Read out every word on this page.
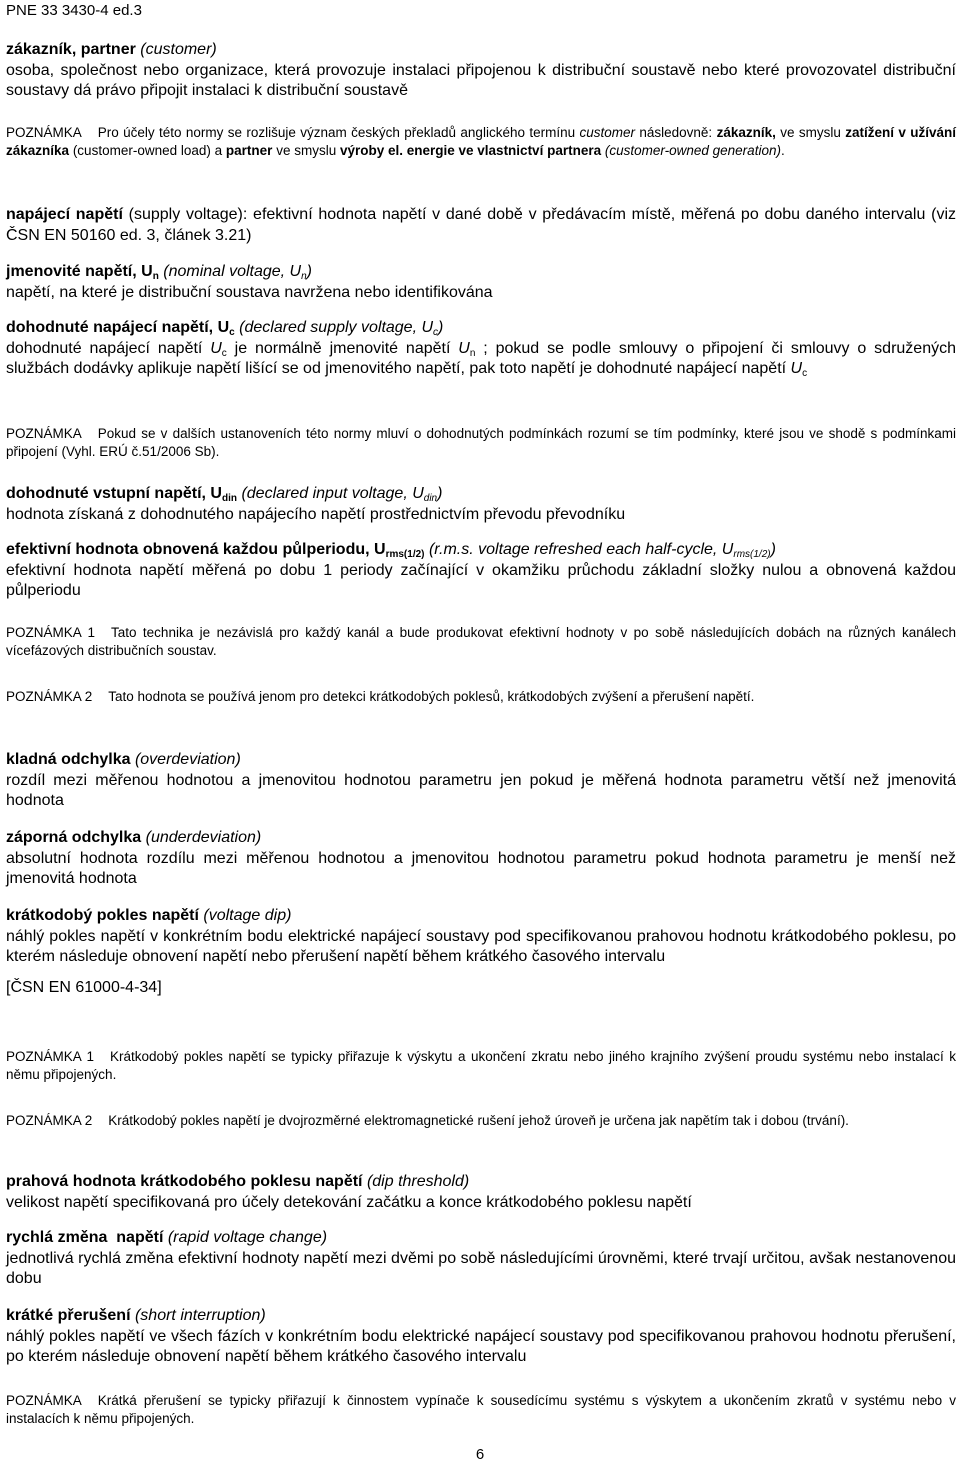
PNE 33 3430-4 ed.3

zákazník, partner (customer)

osoba, společnost nebo organizace, která provozuje instalaci připojenou k distribuční soustavě nebo které provozovatel distribuční soustavy dá právo připojit instalaci k distribuční soustavě

POZNÁMKA Pro účely této normy se rozlišuje význam českých překladů anglického termínu customer následovně: zákazník, ve smyslu zatížení v užívání zákazníka (customer-owned load) a partner ve smyslu výroby el. energie ve vlastnictví partnera (customer-owned generation).

napájecí napětí (supply voltage): efektivní hodnota napětí v dané době v předávacím místě, měřená po dobu daného intervalu (viz ČSN EN 50160 ed. 3, článek 3.21)

jmenovité napětí, $U_n$ (nominal voltage, $U_n$)

napětí, na které je distribuční soustava navržena nebo identifikována

dohodnuté napájecí napětí, $U_c$ (declared supply voltage, $U_c$)

dohodnuté napájecí napětí $U_c$ je normálně jmenovité napětí $U_n$ ; pokud se podle smlouvy o připojení či smlouvy o sdružených službách dodávky aplikuje napětí lišící se od jmenovitého napětí, pak toto napětí je dohodnuté napájecí napětí $U_c$

POZNÁMKA Pokud se v dalších ustanoveních této normy mluví o dohodnutých podmínkách rozumí se tím podmínky, které jsou ve shodě s podmínkami připojení (Vyhl. ERÚ č.51/2006 Sb).

dohodnuté vstupní napětí, $U_{din}$ (declared input voltage, $U_{din}$)

hodnota získaná z dohodnutého napájecího napětí prostřednictvím převodu převodníku

efektivní hodnota obnovená každou půlperiodu, $U_{rms(1/2)}$ (r.m.s. voltage refreshed each half-cycle, $U_{rms(1/2)}$)

efektivní hodnota napětí měřená po dobu 1 periody začínající v okamžiku průchodu základní složky nulou a obnovená každou půlperiodu

POZNÁMKA 1 Tato technika je nezávislá pro každý kanál a bude produkovat efektivní hodnoty v po sobě následujících dobách na různých kanálech vícefázových distribučních soustav.

POZNÁMKA 2 Tato hodnota se používá jenom pro detekci krátkodobých poklesů, krátkodobých zvýšení a přerušení napětí.

kladná odchylka (overdeviation)

rozdíl mezi měřenou hodnotou a jmenovitou hodnotou parametru jen pokud je měřená hodnota parametru větší než jmenovitá hodnota

záporná odchylka (underdeviation)

absolutní hodnota rozdílu mezi měřenou hodnotou a jmenovitou hodnotou parametru pokud hodnota parametru je menší než jmenovitá hodnota

krátkodobý pokles napětí (voltage dip)

náhlý pokles napětí v konkrétním bodu elektrické napájecí soustavy pod specifikovanou prahovou hodnotu krátkodobého poklesu, po kterém následuje obnovení napětí nebo přerušení napětí během krátkého časového intervalu

[ČSN EN 61000-4-34]

POZNÁMKA 1 Krátkodobý pokles napětí se typicky přiřazuje k výskytu a ukončení zkratu nebo jiného krajního zvýšení proudu systému nebo instalací k němu připojených.

POZNÁMKA 2 Krátkodobý pokles napětí je dvojrozměrné elektromagnetické rušení jehož úroveň je určena jak napětím tak i dobou (trvání).

prahová hodnota krátkodobého poklesu napětí (dip threshold)

velikost napětí specifikovaná pro účely detekování začátku a konce krátkodobého poklesu napětí

rychlá změna  napětí (rapid voltage change)

jednotlivá rychlá změna efektivní hodnoty napětí mezi dvěmi po sobě následujícími úrovněmi, které trvají určitou, avšak nestanovenou dobu

krátké přerušení (short interruption)

náhlý pokles napětí ve všech fázích v konkrétním bodu elektrické napájecí soustavy pod specifikovanou prahovou hodnotu přerušení, po kterém následuje obnovení napětí během krátkého časového intervalu

POZNÁMKA Krátká přerušení se typicky přiřazují k činnostem vypínače k sousedícímu systému s výskytem a ukončením zkratů v systému nebo v instalacích k němu připojených.

6
